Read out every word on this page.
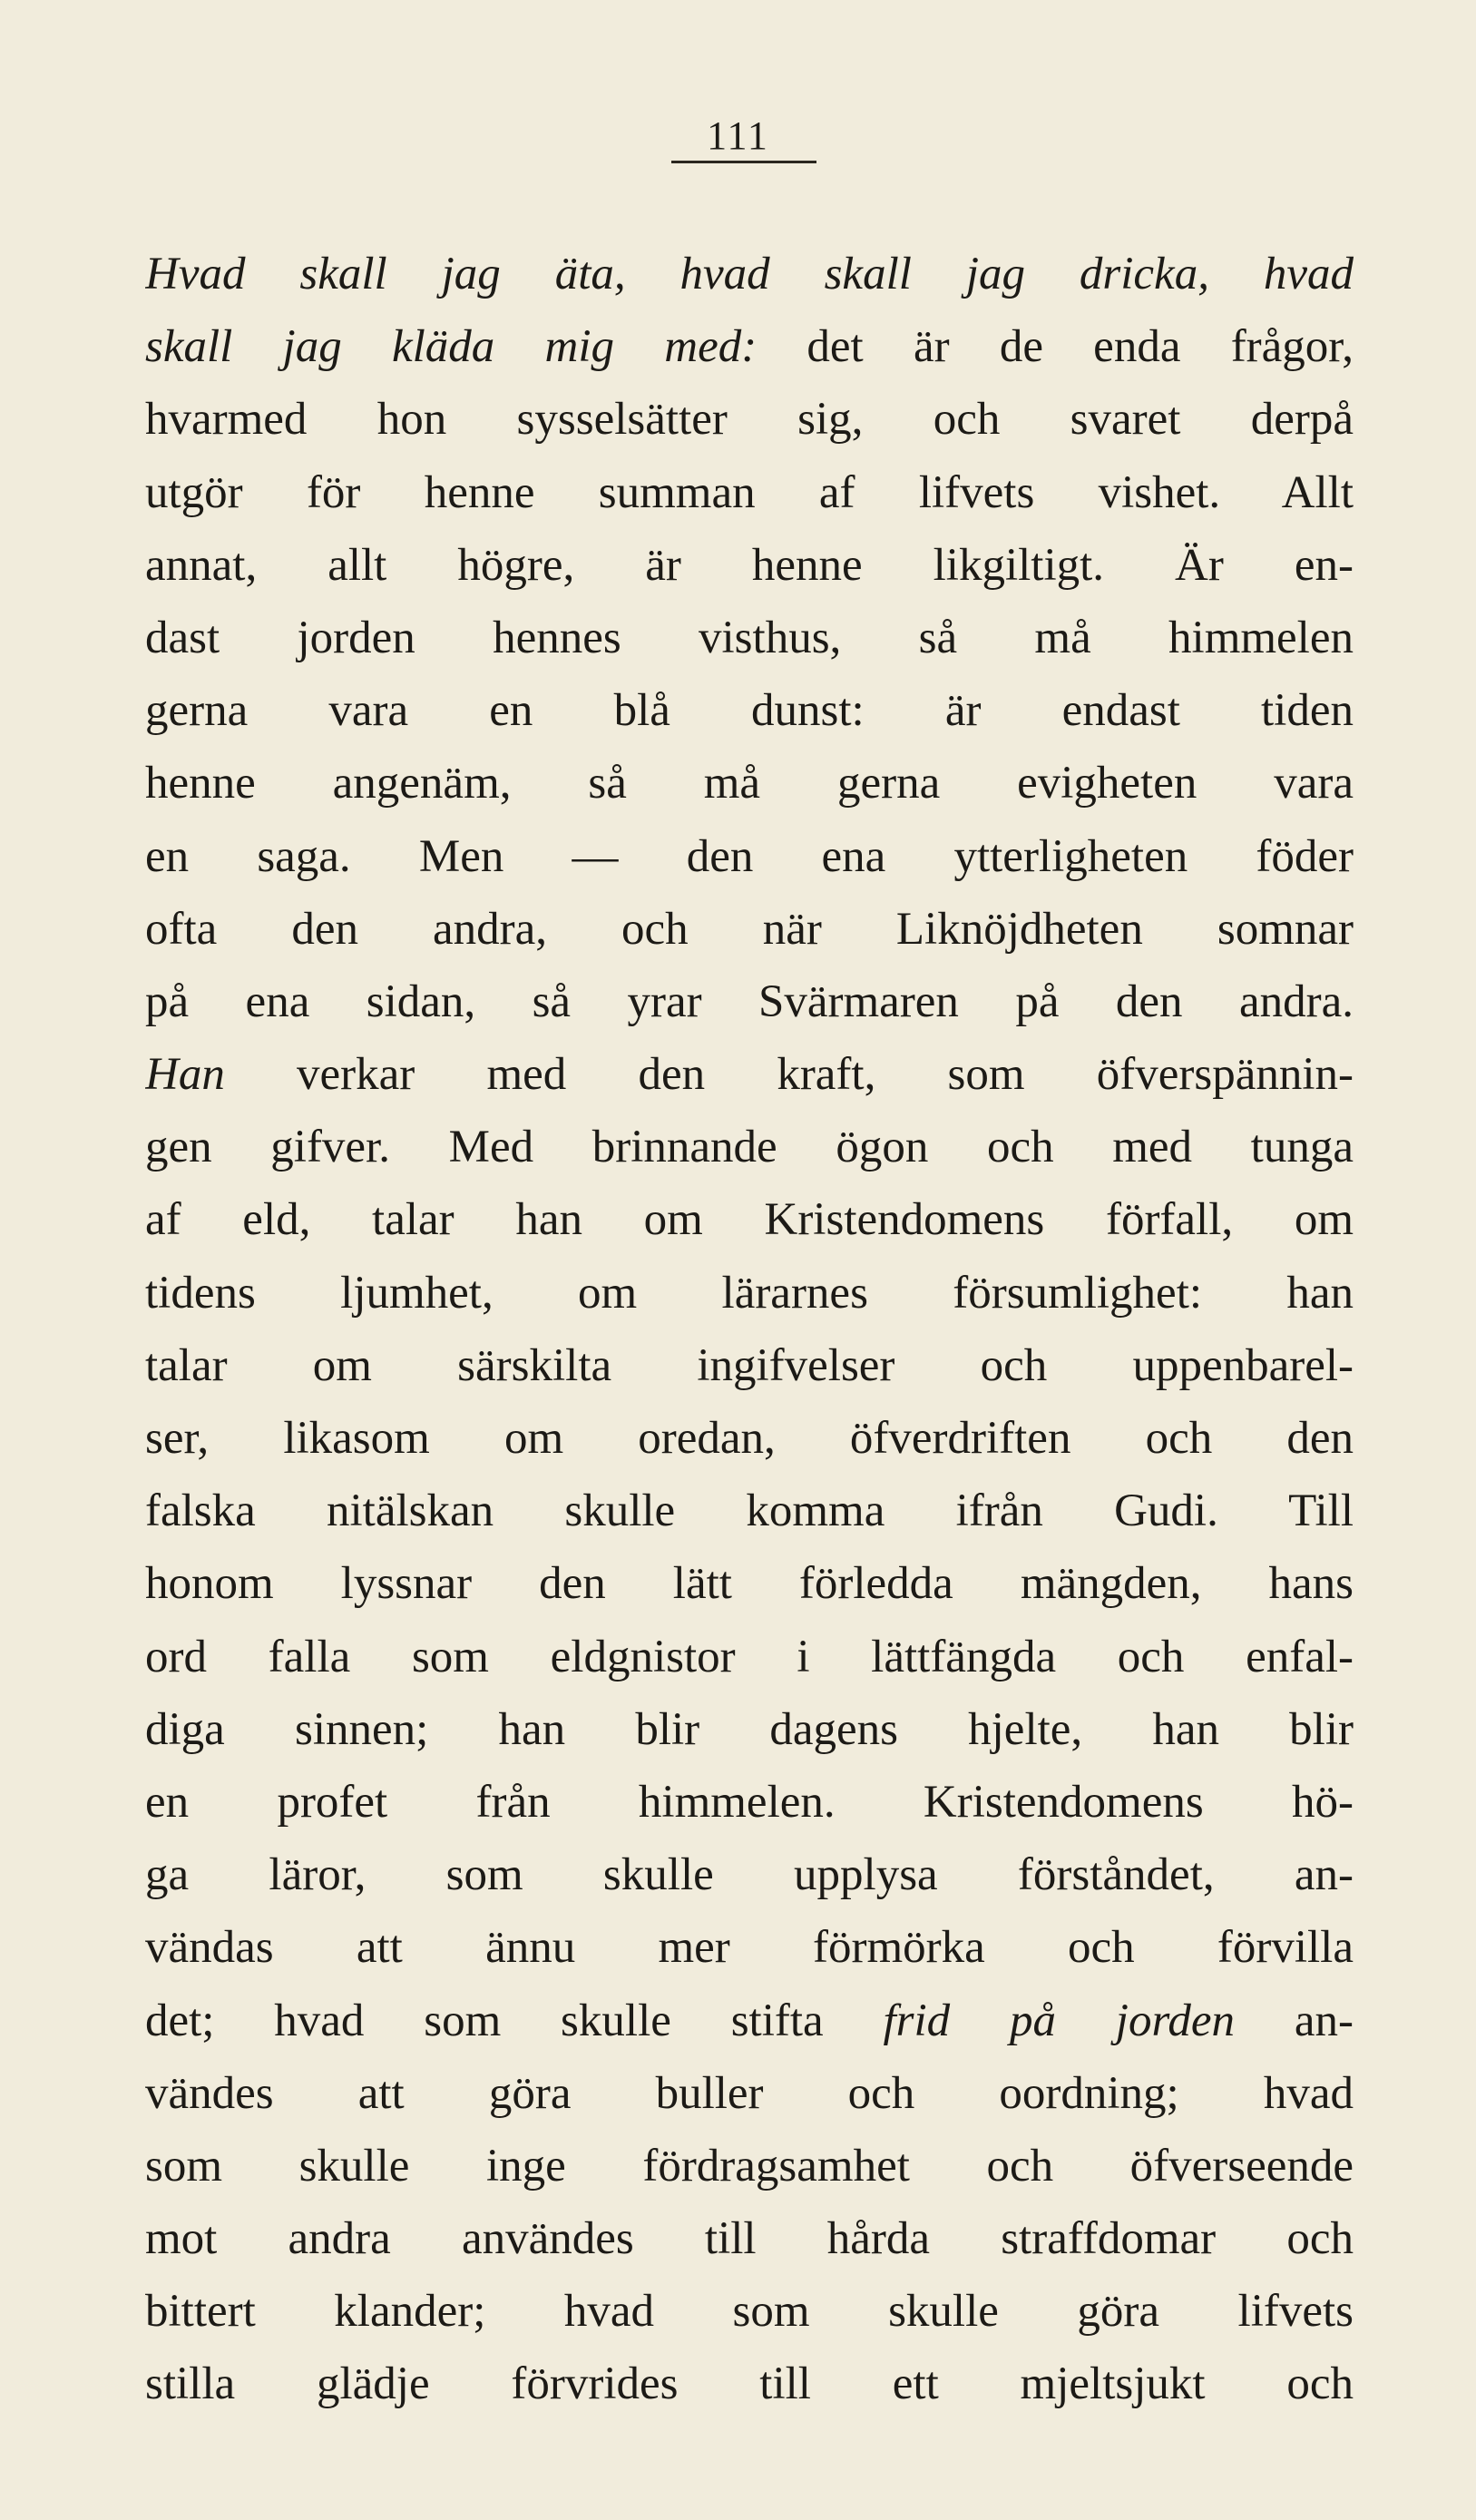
111
Hvad skall jag äta, hvad skall jag dricka, hvad
skall jag kläda mig med: det är de enda frågor,
hvarmed hon sysselsätter sig, och svaret derpå
utgör för henne summan af lifvets vishet. Allt
annat, allt högre, är henne likgiltigt. Är en-
dast jorden hennes visthus, så må himmelen
gerna vara en blå dunst: är endast tiden
henne angenäm, så må gerna evigheten vara
en saga. Men — den ena ytterligheten föder
ofta den andra, och när Liknöjdheten somnar
på ena sidan, så yrar Svärmaren på den andra.
Han verkar med den kraft, som öfverspännin-
gen gifver. Med brinnande ögon och med tunga
af eld, talar han om Kristendomens förfall, om
tidens ljumhet, om lärarnes försumlighet: han
talar om särskilta ingifvelser och uppenbarel-
ser, likasom om oredan, öfverdriften och den
falska nitälskan skulle komma ifrån Gudi. Till
honom lyssnar den lätt förledda mängden, hans
ord falla som eldgnistor i lättfängda och enfal-
diga sinnen; han blir dagens hjelte, han blir
en profet från himmelen. Kristendomens hö-
ga läror, som skulle upplysa förståndet, an-
vändas att ännu mer förmörka och förvilla
det; hvad som skulle stifta frid på jorden an-
vändes att göra buller och oordning; hvad
som skulle inge fördragsamhet och öfverseende
mot andra användes till hårda straffdomar och
bittert klander; hvad som skulle göra lifvets
stilla glädje förvrides till ett mjeltsjukt och
